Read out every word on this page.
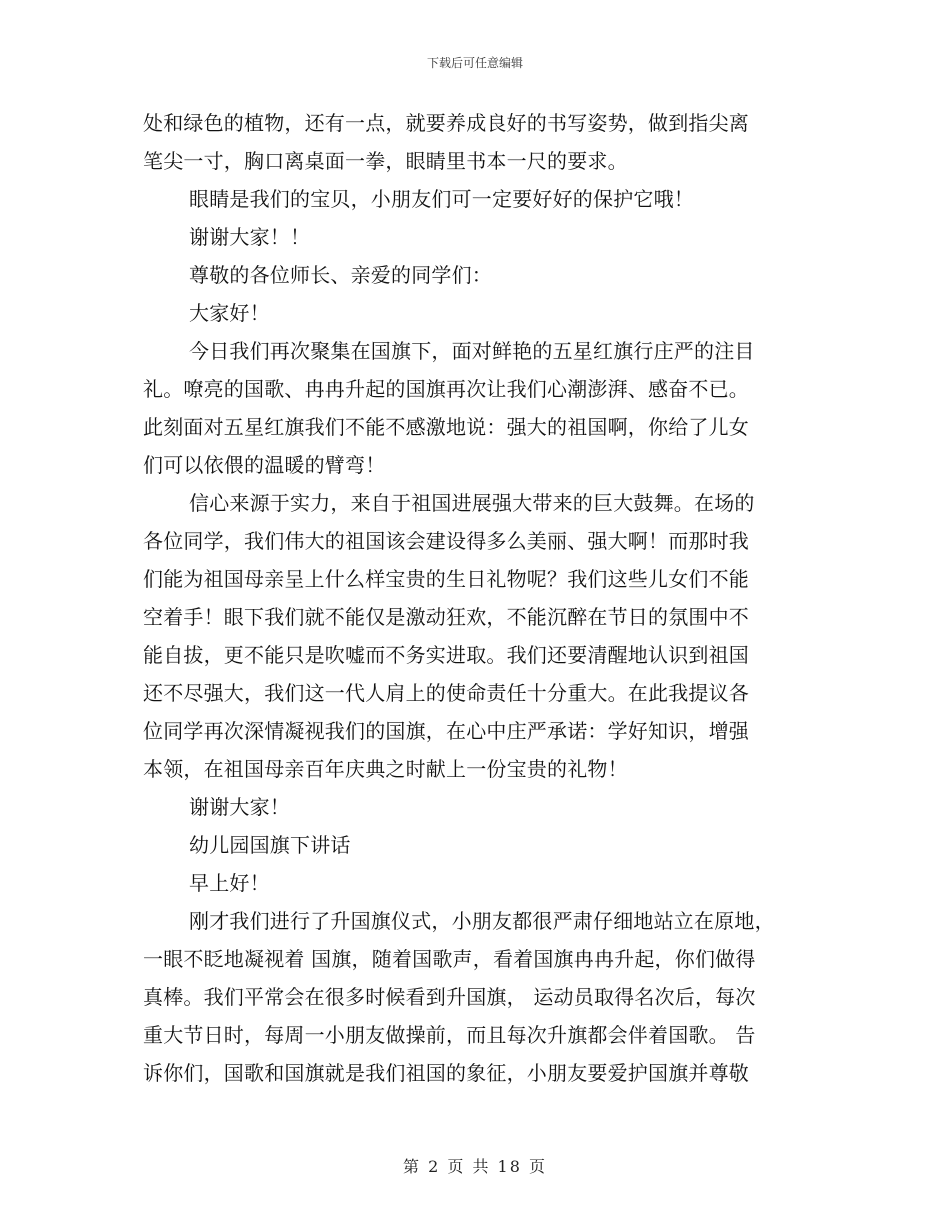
下载后可任意编辑
处和绿色的植物，还有一点，就要养成良好的书写姿势，做到指尖离
笔尖一寸，胸口离桌面一拳，眼睛里书本一尺的要求。
眼睛是我们的宝贝，小朋友们可一定要好好的保护它哦！
谢谢大家！！
尊敬的各位师长、亲爱的同学们：
大家好！
今日我们再次聚集在国旗下，面对鲜艳的五星红旗行庄严的注目
礼。嘹亮的国歌、冉冉升起的国旗再次让我们心潮澎湃、感奋不已。
此刻面对五星红旗我们不能不感激地说：强大的祖国啊，你给了儿女
们可以依偎的温暖的臂弯！
信心来源于实力，来自于祖国进展强大带来的巨大鼓舞。在场的
各位同学，我们伟大的祖国该会建设得多么美丽、强大啊！而那时我
们能为祖国母亲呈上什么样宝贵的生日礼物呢？我们这些儿女们不能
空着手！眼下我们就不能仅是激动狂欢，不能沉醉在节日的氛围中不
能自拔，更不能只是吹嘘而不务实进取。我们还要清醒地认识到祖国
还不尽强大，我们这一代人肩上的使命责任十分重大。在此我提议各
位同学再次深情凝视我们的国旗，在心中庄严承诺：学好知识，增强
本领，在祖国母亲百年庆典之时献上一份宝贵的礼物！
谢谢大家！
幼儿园国旗下讲话
早上好！
刚才我们进行了升国旗仪式，小朋友都很严肃仔细地站立在原地，
一眼不眨地凝视着 国旗，随着国歌声，看着国旗冉冉升起，你们做得
真棒。我们平常会在很多时候看到升国旗， 运动员取得名次后，每次
重大节日时，每周一小朋友做操前，而且每次升旗都会伴着国歌。 告
诉你们，国歌和国旗就是我们祖国的象征，小朋友要爱护国旗并尊敬
第 2 页 共 18 页
